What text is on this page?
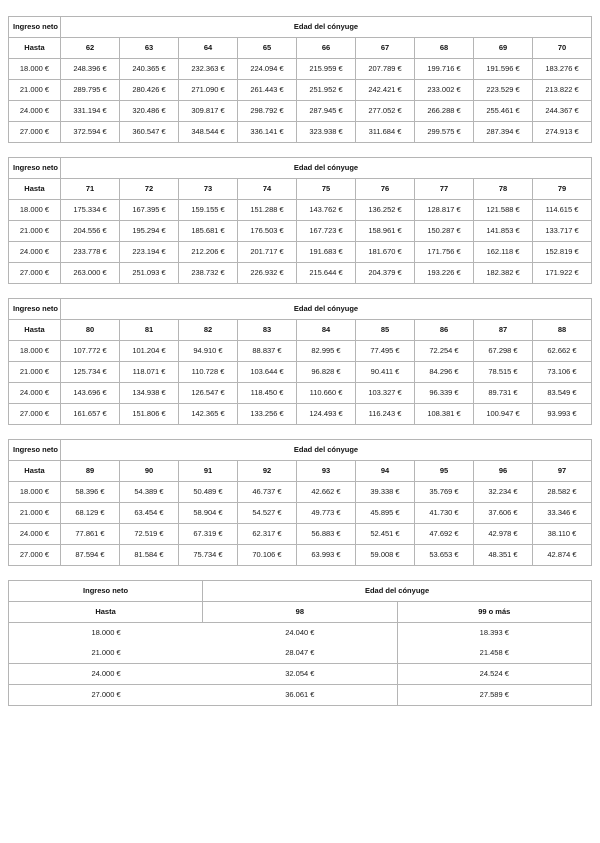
Ingreso neto	Edad del cónyuge								
Hasta	62	63	64	65	66	67	68	69	70
18.000 €	248.396 €	240.365 €	232.363 €	224.094 €	215.959 €	207.789 €	199.716 €	191.596 €	183.276 €
21.000 €	289.795 €	280.426 €	271.090 €	261.443 €	251.952 €	242.421 €	233.002 €	223.529 €	213.822 €
24.000 €	331.194 €	320.486 €	309.817 €	298.792 €	287.945 €	277.052 €	266.288 €	255.461 €	244.367 €
27.000 €	372.594 €	360.547 €	348.544 €	336.141 €	323.938 €	311.684 €	299.575 €	287.394 €	274.913 €
Ingreso neto	Edad del cónyuge								
Hasta	71	72	73	74	75	76	77	78	79
18.000 €	175.334 €	167.395 €	159.155 €	151.288 €	143.762 €	136.252 €	128.817 €	121.588 €	114.615 €
21.000 €	204.556 €	195.294 €	185.681 €	176.503 €	167.723 €	158.961 €	150.287 €	141.853 €	133.717 €
24.000 €	233.778 €	223.194 €	212.206 €	201.717 €	191.683 €	181.670 €	171.756 €	162.118 €	152.819 €
27.000 €	263.000 €	251.093 €	238.732 €	226.932 €	215.644 €	204.379 €	193.226 €	182.382 €	171.922 €
Ingreso neto	Edad del cónyuge								
Hasta	80	81	82	83	84	85	86	87	88
18.000 €	107.772 €	101.204 €	94.910 €	88.837 €	82.995 €	77.495 €	72.254 €	67.298 €	62.662 €
21.000 €	125.734 €	118.071 €	110.728 €	103.644 €	96.828 €	90.411 €	84.296 €	78.515 €	73.106 €
24.000 €	143.696 €	134.938 €	126.547 €	118.450 €	110.660 €	103.327 €	96.339 €	89.731 €	83.549 €
27.000 €	161.657 €	151.806 €	142.365 €	133.256 €	124.493 €	116.243 €	108.381 €	100.947 €	93.993 €
Ingreso neto	Edad del cónyuge								
Hasta	89	90	91	92	93	94	95	96	97
18.000 €	58.396 €	54.389 €	50.489 €	46.737 €	42.662 €	39.338 €	35.769 €	32.234 €	28.582 €
21.000 €	68.129 €	63.454 €	58.904 €	54.527 €	49.773 €	45.895 €	41.730 €	37.606 €	33.346 €
24.000 €	77.861 €	72.519 €	67.319 €	62.317 €	56.883 €	52.451 €	47.692 €	42.978 €	38.110 €
27.000 €	87.594 €	81.584 €	75.734 €	70.106 €	63.993 €	59.008 €	53.653 €	48.351 €	42.874 €
Ingreso neto	Edad del cónyuge	
Hasta	98	99 o más
18.000 €	24.040 €	18.393 €
21.000 €	28.047 €	21.458 €
24.000 €	32.054 €	24.524 €
27.000 €	36.061 €	27.589 €
